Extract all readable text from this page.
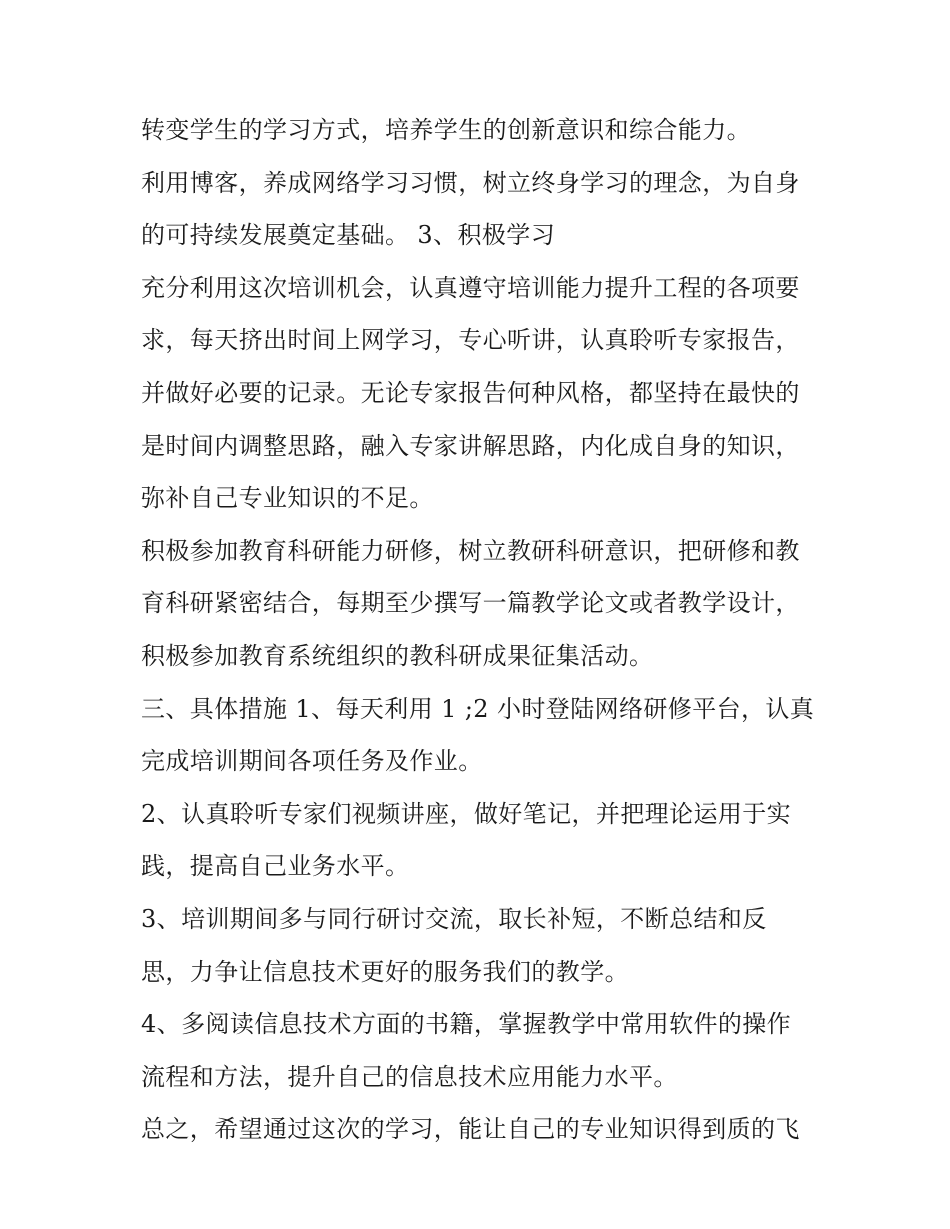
转变学生的学习方式，培养学生的创新意识和综合能力。
利用博客，养成网络学习习惯，树立终身学习的理念，为自身
的可持续发展奠定基础。 3、积极学习
充分利用这次培训机会，认真遵守培训能力提升工程的各项要
求，每天挤出时间上网学习，专心听讲，认真聆听专家报告，
并做好必要的记录。无论专家报告何种风格，都坚持在最快的
是时间内调整思路，融入专家讲解思路，内化成自身的知识，
弥补自己专业知识的不足。
积极参加教育科研能力研修，树立教研科研意识，把研修和教
育科研紧密结合，每期至少撰写一篇教学论文或者教学设计，
积极参加教育系统组织的教科研成果征集活动。
三、具体措施 1、每天利用 1 ;2 小时登陆网络研修平台，认真
完成培训期间各项任务及作业。
2、认真聆听专家们视频讲座，做好笔记，并把理论运用于实
践，提高自己业务水平。
3、培训期间多与同行研讨交流，取长补短，不断总结和反
思，力争让信息技术更好的服务我们的教学。
4、多阅读信息技术方面的书籍，掌握教学中常用软件的操作
流程和方法，提升自己的信息技术应用能力水平。
总之，希望通过这次的学习，能让自己的专业知识得到质的飞
